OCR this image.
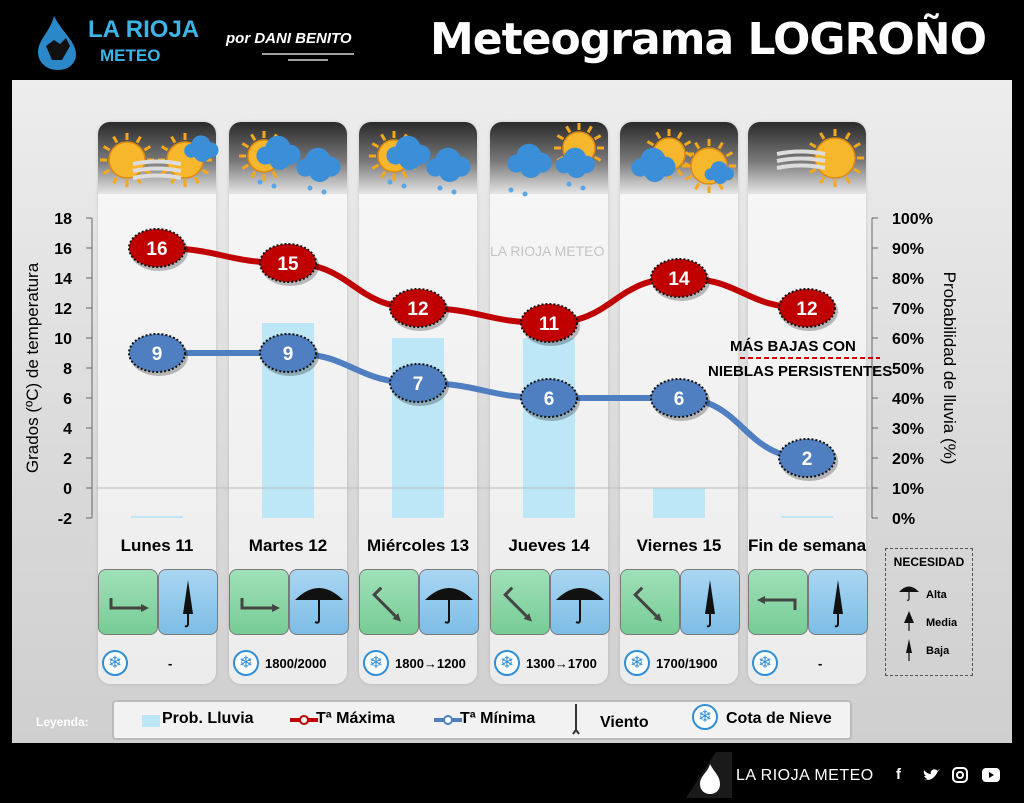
LA RIOJA
METEO
por DANI BENITO Meteograma LOGROÑO
Lunes 11
❄	-
Martes 12
❄ 1800/2000
Miércoles 13
❄ 1800→1200
Jueves 14
❄ 1300→1700
Viernes 15
❄ 1700/1900
Fin de semana
❄	-
LA RIOJA METEO
-2
0
2
4
6
8
10
12
14
16
18
0%
10%
20%
30%
40%
50%
60%
70%
80%
90%
100%
Grados (ºC) de temperatura	Probabilidad de lluvia (%)
16
15
12
11
14
12
9	9
7
6	6
2
MÁS BAJAS CON
NIEBLAS PERSISTENTES
NECESIDAD
Alta
Media
Baja
Leyenda:	Prob. Lluvia	Tª Máxima	Tª Mínima	Viento	❄ Cota de Nieve
LA RIOJA METEO f
